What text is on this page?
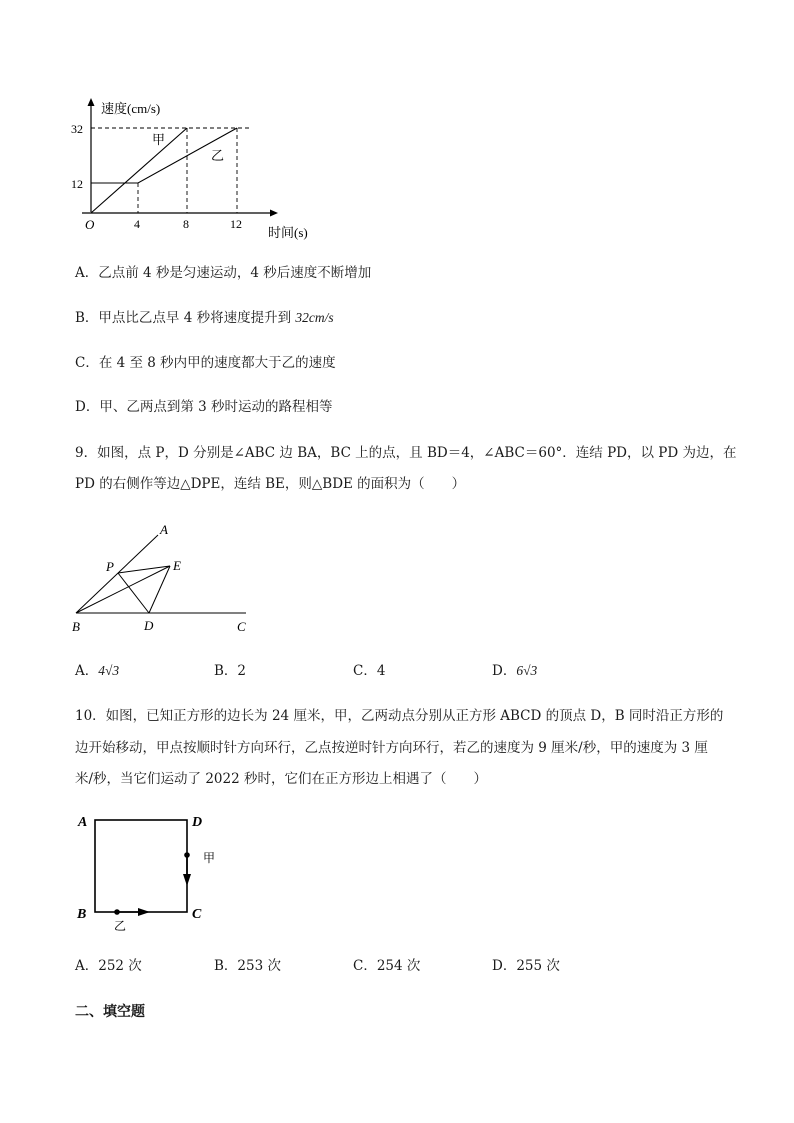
速度(cm/s)
时间(s)
O
32
12
4	8	12
甲
乙
A．乙点前 4 秒是匀速运动，4 秒后速度不断增加
B．甲点比乙点早 4 秒将速度提升到 32cm/s
C．在 4 至 8 秒内甲的速度都大于乙的速度
D．甲、乙两点到第 3 秒时运动的路程相等
9．如图，点 P，D 分别是∠ABC 边 BA，BC 上的点，且 BD＝4，∠ABC＝60°．连结 PD，以 PD 为边，在
PD 的右侧作等边△DPE，连结 BE，则△BDE 的面积为（　　）
A
P	E
B	D	C
A．4√3	B．2	C．4	D．6√3
10．如图，已知正方形的边长为 24 厘米，甲，乙两动点分别从正方形 ABCD 的顶点 D，B 同时沿正方形的
边开始移动，甲点按顺时针方向环行，乙点按逆时针方向环行，若乙的速度为 9 厘米/秒，甲的速度为 3 厘
米/秒，当它们运动了 2022 秒时，它们在正方形边上相遇了（　　）
A	D
B	C
甲
乙
A．252 次	B．253 次	C．254 次	D．255 次
二、填空题
